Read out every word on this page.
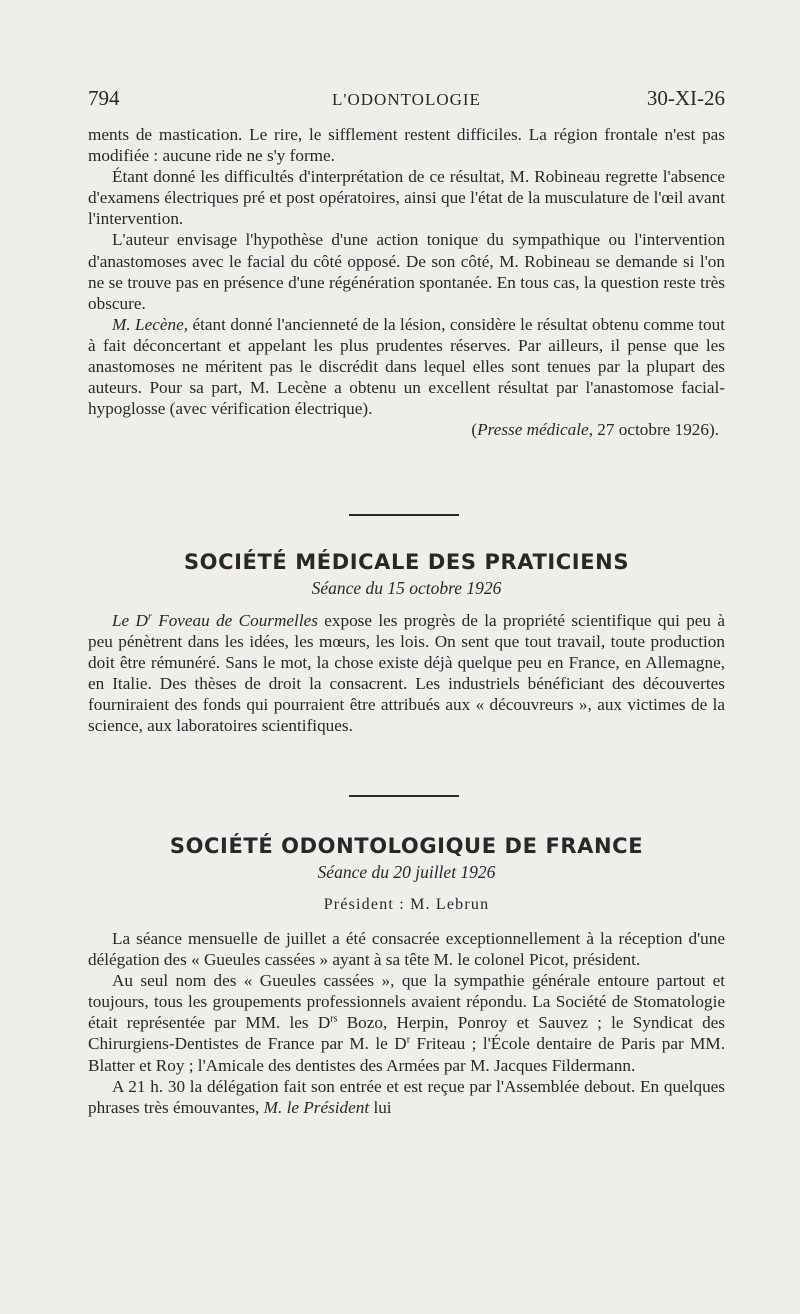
794	L'ODONTOLOGIE	30-XI-26

ments de mastication. Le rire, le sifflement restent difficiles. La région frontale n'est pas modifiée : aucune ride ne s'y forme.

Étant donné les difficultés d'interprétation de ce résultat, M. Robineau regrette l'absence d'examens électriques pré et post opératoires, ainsi que l'état de la musculature de l'œil avant l'intervention.

L'auteur envisage l'hypothèse d'une action tonique du sympathique ou l'intervention d'anastomoses avec le facial du côté opposé. De son côté, M. Robineau se demande si l'on ne se trouve pas en présence d'une régénération spontanée. En tous cas, la question reste très obscure.

M. Lecène, étant donné l'ancienneté de la lésion, considère le résultat obtenu comme tout à fait déconcertant et appelant les plus prudentes réserves. Par ailleurs, il pense que les anastomoses ne méritent pas le discrédit dans lequel elles sont tenues par la plupart des auteurs. Pour sa part, M. Lecène a obtenu un excellent résultat par l'anastomose facial-hypoglosse (avec vérification électrique).

(Presse médicale, 27 octobre 1926).

SOCIÉTÉ MÉDICALE DES PRATICIENS
Séance du 15 octobre 1926

Le $D^r$ Foveau de Courmelles expose les progrès de la propriété scientifique qui peu à peu pénètrent dans les idées, les mœurs, les lois. On sent que tout travail, toute production doit être rémunéré. Sans le mot, la chose existe déjà quelque peu en France, en Allemagne, en Italie. Des thèses de droit la consacrent. Les industriels bénéficiant des découvertes fourniraient des fonds qui pourraient être attribués aux « découvreurs », aux victimes de la science, aux laboratoires scientifiques.

SOCIÉTÉ ODONTOLOGIQUE DE FRANCE
Séance du 20 juillet 1926
Président : M. Lebrun

La séance mensuelle de juillet a été consacrée exceptionnellement à la réception d'une délégation des « Gueules cassées » ayant à sa tête M. le colonel Picot, président.

Au seul nom des « Gueules cassées », que la sympathie générale entoure partout et toujours, tous les groupements professionnels avaient répondu. La Société de Stomatologie était représentée par MM. les $D^{rs}$ Bozo, Herpin, Ponroy et Sauvez ; le Syndicat des Chirurgiens-Dentistes de France par M. le $D^r$ Friteau ; l'École dentaire de Paris par MM. Blatter et Roy ; l'Amicale des dentistes des Armées par M. Jacques Fildermann.

A 21 h. 30 la délégation fait son entrée et est reçue par l'Assemblée debout. En quelques phrases très émouvantes, M. le Président lui
